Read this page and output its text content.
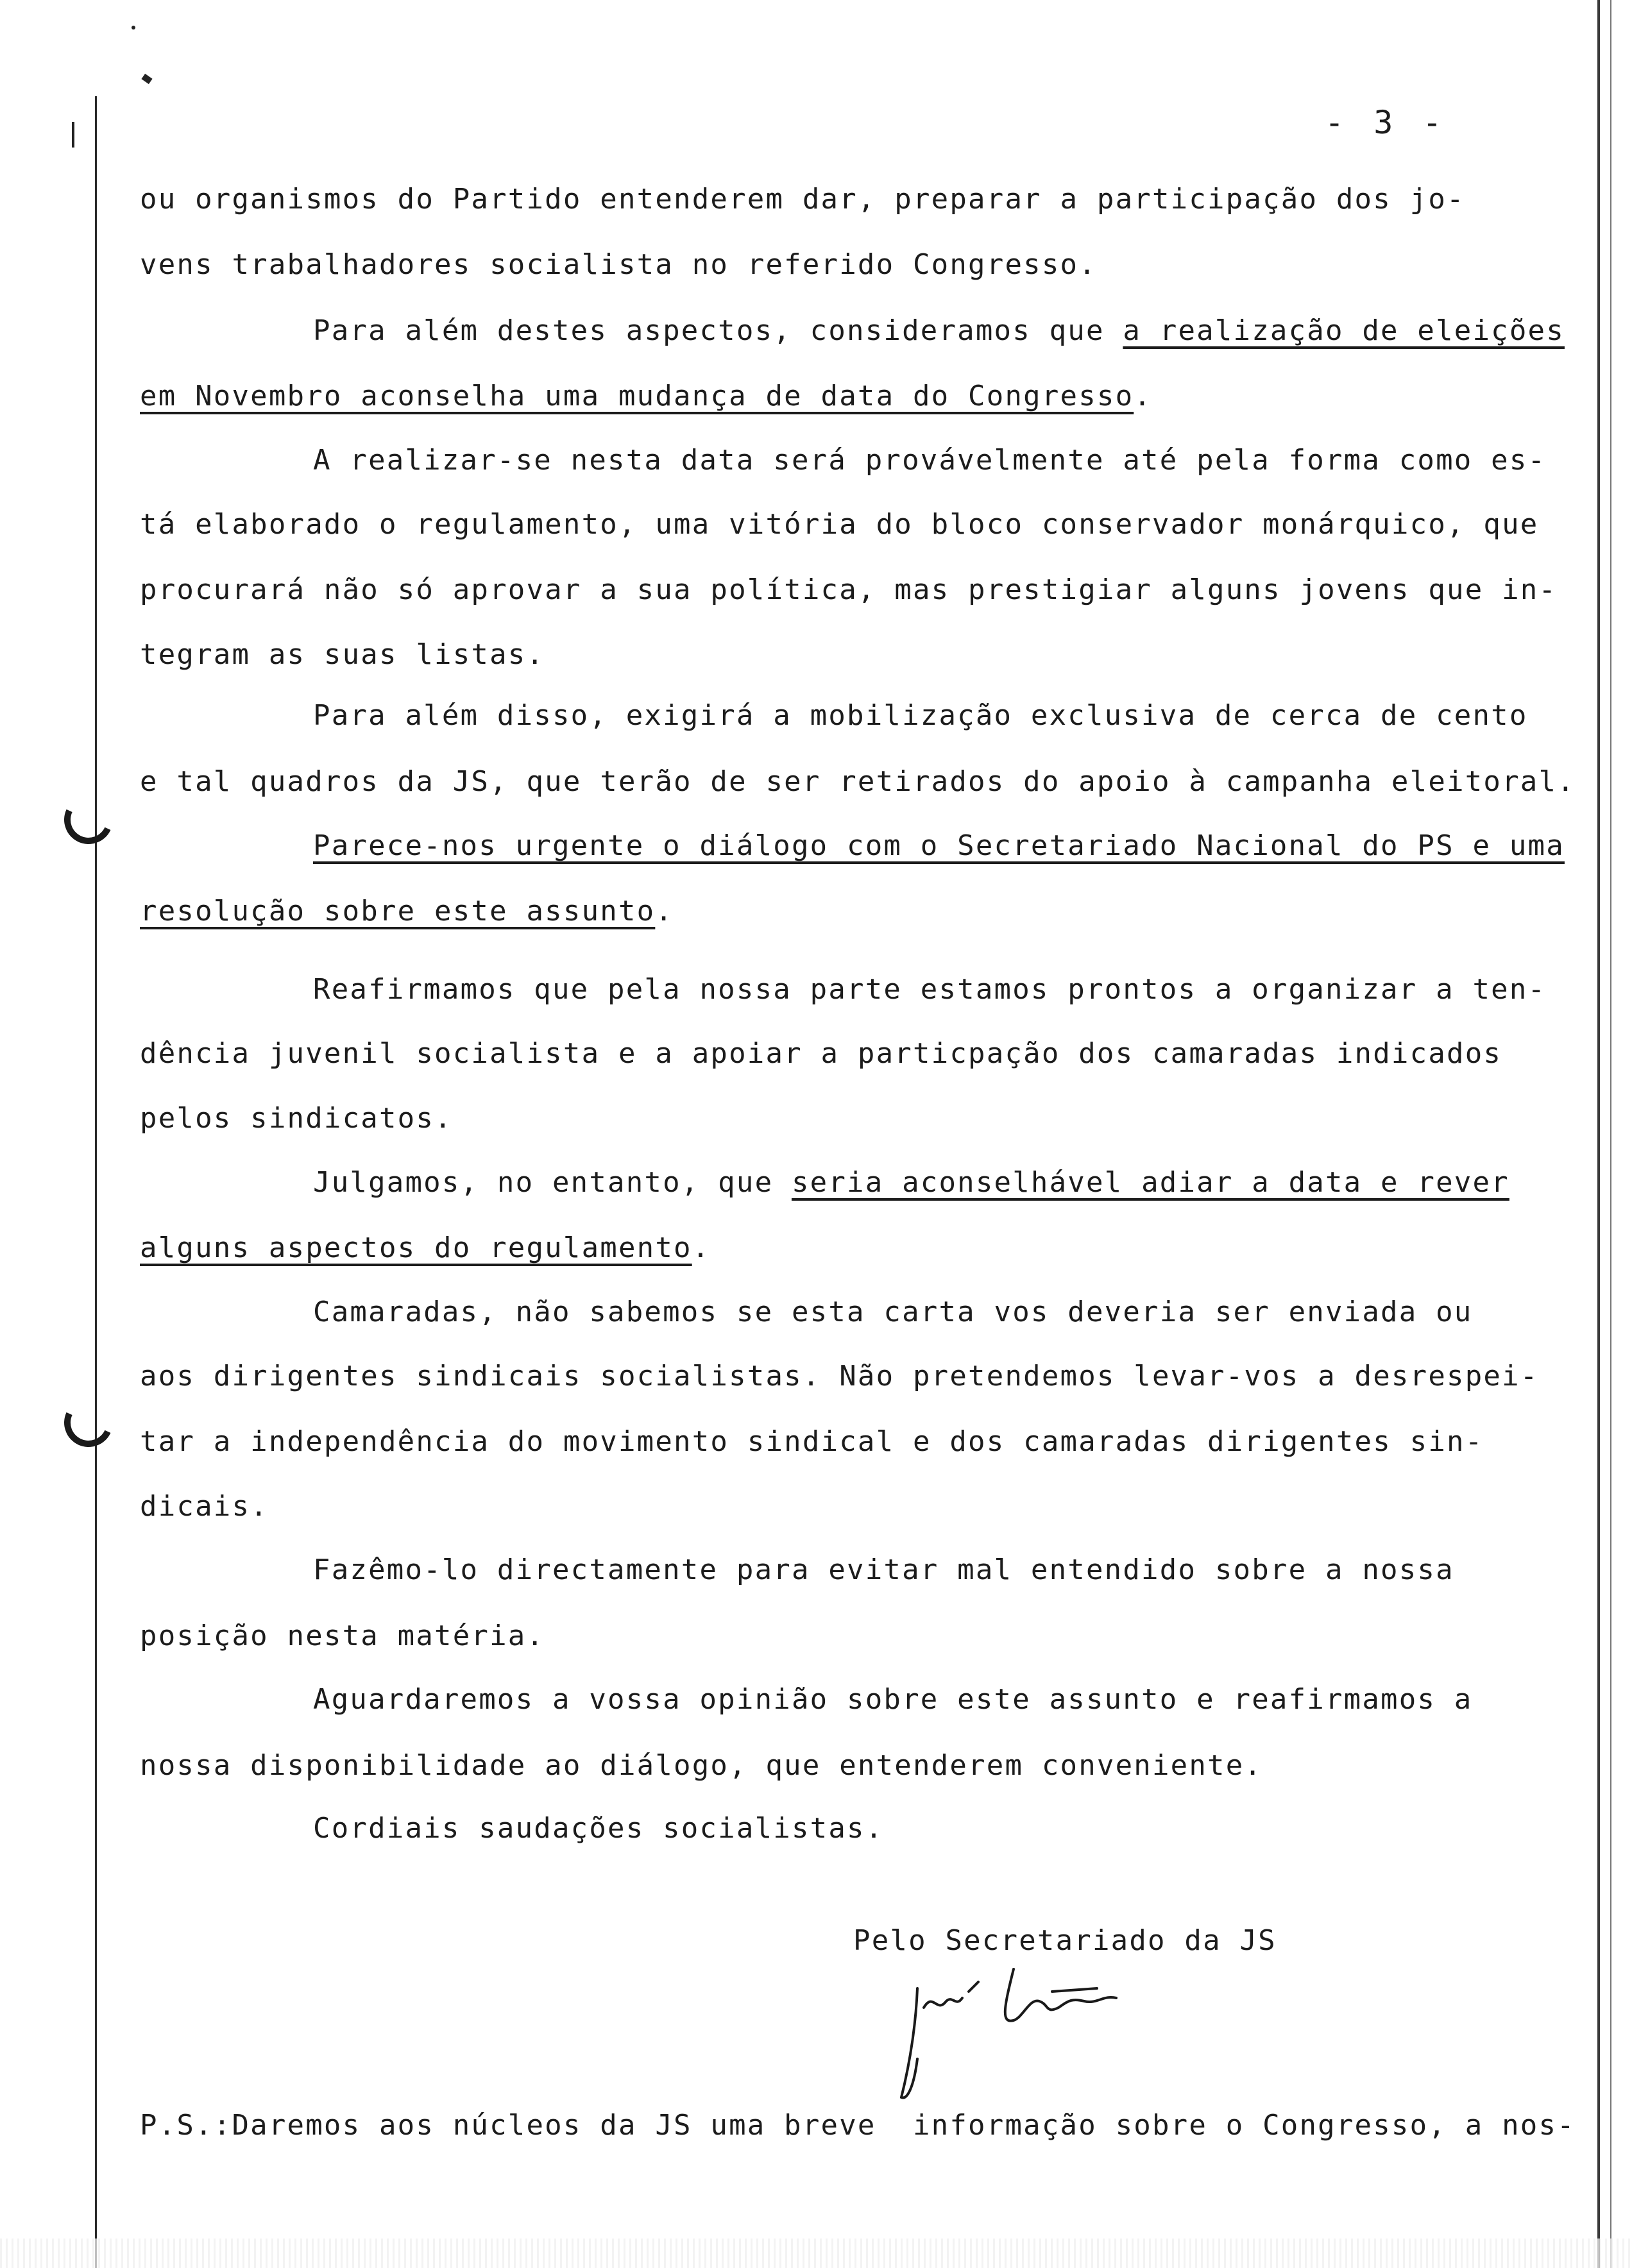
- 3 -
ou organismos do Partido entenderem dar, preparar a participação dos jo-
vens trabalhadores socialista no referido Congresso.
Para além destes aspectos, consideramos que a realização de eleições
em Novembro aconselha uma mudança de data do Congresso.
A realizar-se nesta data será provávelmente até pela forma como es-
tá elaborado o regulamento, uma vitória do bloco conservador monárquico, que
procurará não só aprovar a sua política, mas prestigiar alguns jovens que in-
tegram as suas listas.
Para além disso, exigirá a mobilização exclusiva de cerca de cento
e tal quadros da JS, que terão de ser retirados do apoio à campanha eleitoral.
Parece-nos urgente o diálogo com o Secretariado Nacional do PS e uma
resolução sobre este assunto.
Reafirmamos que pela nossa parte estamos prontos a organizar a ten-
dência juvenil socialista e a apoiar a particpação dos camaradas indicados
pelos sindicatos.
Julgamos, no entanto, que seria aconselhável adiar a data e rever
alguns aspectos do regulamento.
Camaradas, não sabemos se esta carta vos deveria ser enviada ou
aos dirigentes sindicais socialistas. Não pretendemos levar-vos a desrespei-
tar a independência do movimento sindical e dos camaradas dirigentes sin-
dicais.
Fazêmo-lo directamente para evitar mal entendido sobre a nossa
posição nesta matéria.
Aguardaremos a vossa opinião sobre este assunto e reafirmamos a
nossa disponibilidade ao diálogo, que entenderem conveniente.
Cordiais saudações socialistas.
Pelo Secretariado da JS
P.S.:Daremos aos núcleos da JS uma breve  informação sobre o Congresso, a nos-
